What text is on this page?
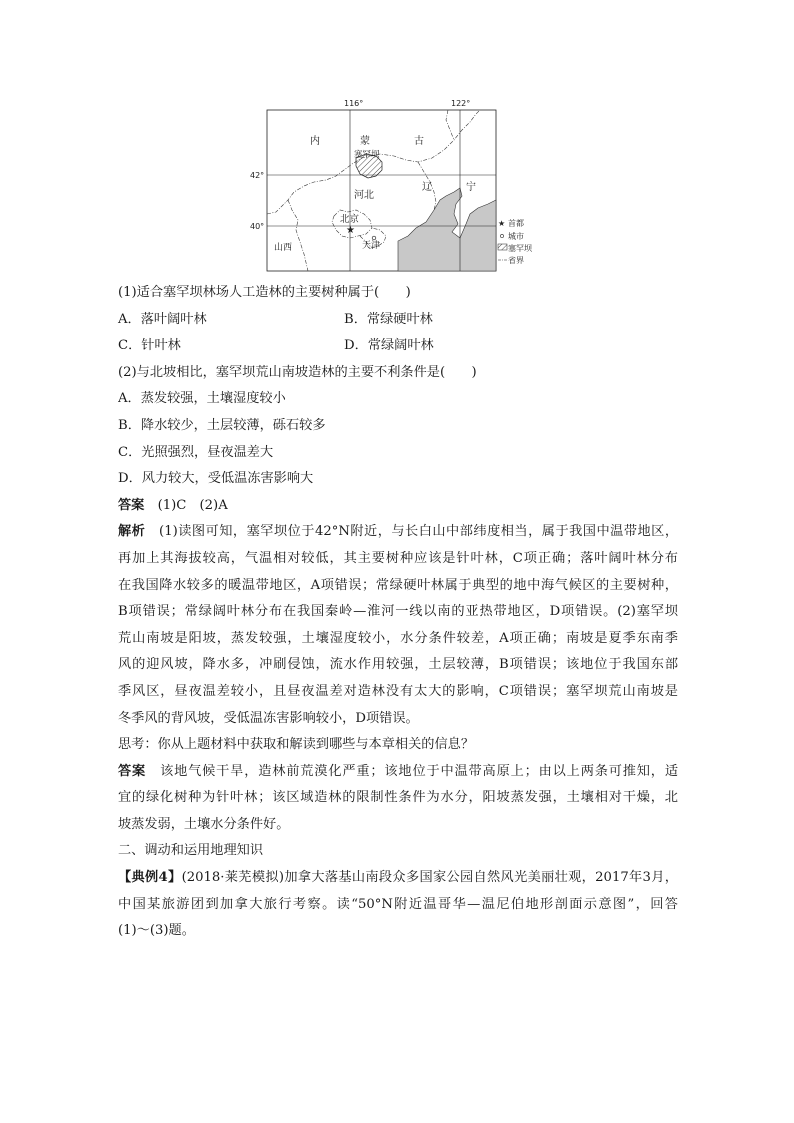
★
116°	122°
42°
40°
内	蒙	古
塞罕坝
河北
辽	宁
北京
天津
山西
★ 首都
城市
塞罕坝
省界
(1)适合塞罕坝林场人工造林的主要树种属于(　　)
A．落叶阔叶林	B．常绿硬叶林
C．针叶林	D．常绿阔叶林
(2)与北坡相比，塞罕坝荒山南坡造林的主要不利条件是(　　)
A．蒸发较强，土壤湿度较小
B．降水较少，土层较薄，砾石较多
C．光照强烈，昼夜温差大
D．风力较大，受低温冻害影响大
答案　 (1)C　(2)A
解析　 (1)读图可知，塞罕坝位于42°N附近，与长白山中部纬度相当，属于我国中温带地区，
再加上其海拔较高，气温相对较低，其主要树种应该是针叶林，C项正确；落叶阔叶林分布
在我国降水较多的暖温带地区，A项错误；常绿硬叶林属于典型的地中海气候区的主要树种，
B项错误；常绿阔叶林分布在我国秦岭—淮河一线以南的亚热带地区，D项错误。(2)塞罕坝
荒山南坡是阳坡，蒸发较强，土壤湿度较小，水分条件较差，A项正确；南坡是夏季东南季
风的迎风坡，降水多，冲刷侵蚀，流水作用较强，土层较薄，B项错误；该地位于我国东部
季风区，昼夜温差较小，且昼夜温差对造林没有太大的影响，C项错误；塞罕坝荒山南坡是
冬季风的背风坡，受低温冻害影响较小，D项错误。
思考：你从上题材料中获取和解读到哪些与本章相关的信息？
答案　 该地气候干旱，造林前荒漠化严重；该地位于中温带高原上；由以上两条可推知，适
宜的绿化树种为针叶林；该区域造林的限制性条件为水分，阳坡蒸发强，土壤相对干燥，北
坡蒸发弱，土壤水分条件好。
二、调动和运用地理知识
【典例4】(2018·莱芜模拟)加拿大落基山南段众多国家公园自然风光美丽壮观，2017年3月，
中国某旅游团到加拿大旅行考察。读“50°N附近温哥华—温尼伯地形剖面示意图”，回答
(1)～(3)题。
